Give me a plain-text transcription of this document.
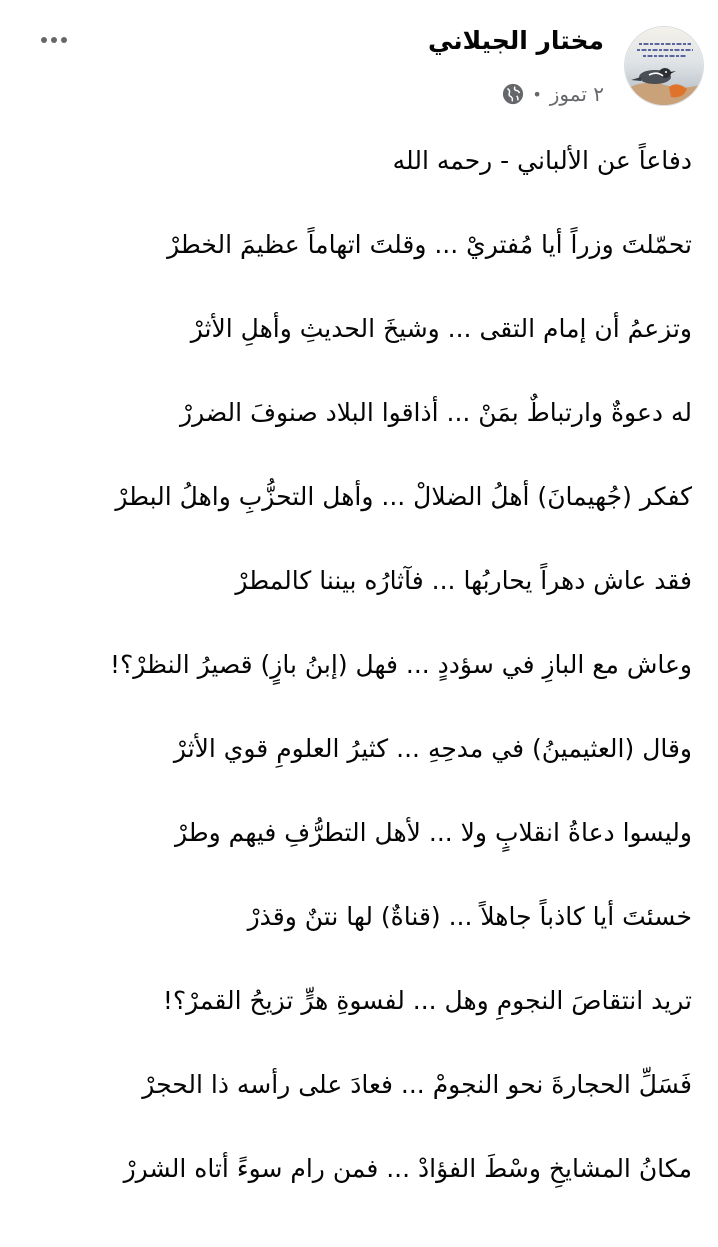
مختار الجيلاني
٢ تموز
•
دفاعاً عن الألباني - رحمه الله
تحمّلتَ وزراً أيا مُفتريْ ... وقلتَ اتهاماً عظيمَ الخطرْ
وتزعمُ أن إمام التقى ... وشيخَ الحديثِ وأهلِ الأثرْ
له دعوةٌ وارتباطٌ بمَنْ ... أذاقوا البلاد صنوفَ الضررْ
كفكر (جُهيمانَ) أهلُ الضلالْ ... وأهل التحزُّبِ واهلُ البطرْ
فقد عاش دهراً يحاربُها ... فآثارُه بيننا كالمطرْ
وعاش مع البازِ في سؤددٍ ... فهل (إبنُ بازٍ) قصيرُ النظرْ؟!
وقال (العثيمينُ) في مدحِهِ ... كثيرُ العلومِ قوي الأثرْ
وليسوا دعاةُ انقلابٍ ولا ... لأهل التطرُّفِ فيهم وطرْ
خسئتَ أيا كاذباً جاهلاً ... (قناةٌ) لها نتنٌ وقذرْ
تريد انتقاصَ النجومِ وهل ... لفسوةِ هرٍّ تزيحُ القمرْ؟!
فَسَلِّ الحجارةَ نحو النجومْ ... فعادَ على رأسه ذا الحجرْ
مكانُ المشايخِ وسْطَ الفؤادْ ... فمن رام سوءً أتاه الشررْ
